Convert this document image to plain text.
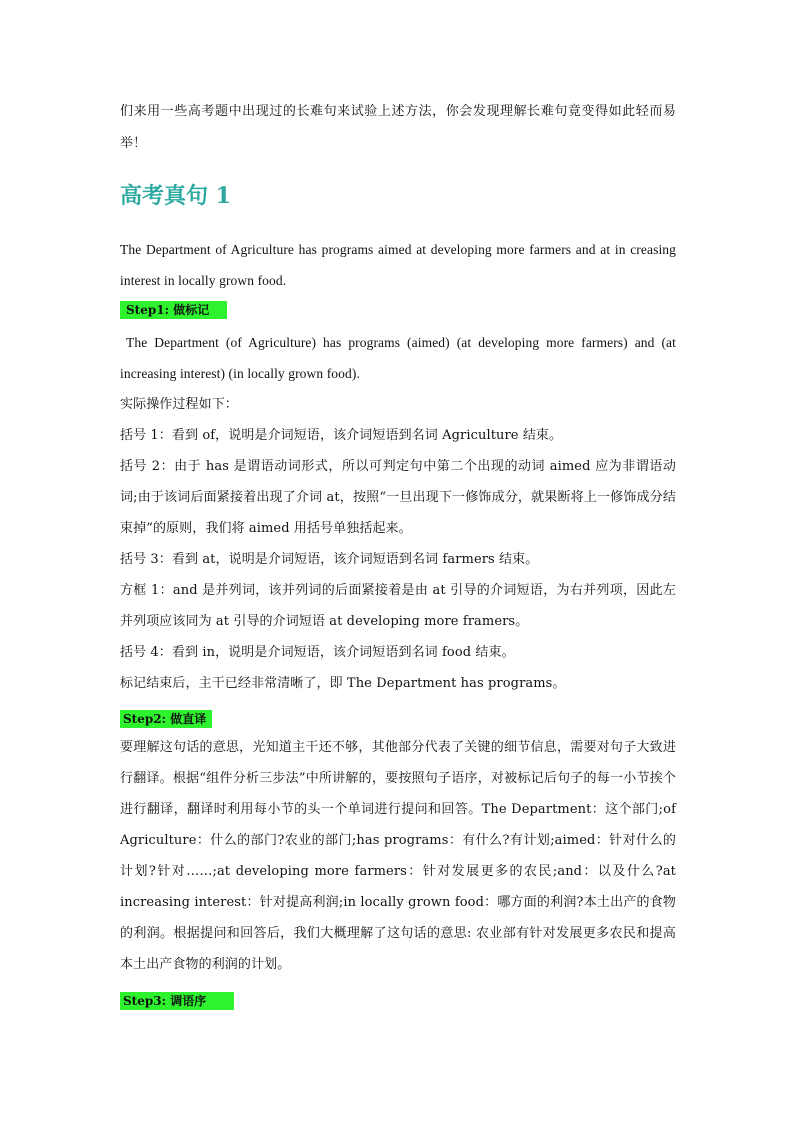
们来用一些高考题中出现过的长难句来试验上述方法，你会发现理解长难句竟变得如此轻而易举！

高考真句 1

The Department of Agriculture has programs aimed at developing more farmers and at in creasing interest in locally grown food.

Step1: 做标记

The Department (of Agriculture) has programs (aimed) (at developing more farmers) and (at increasing interest) (in locally grown food).

实际操作过程如下：

括号 1：看到 of，说明是介词短语，该介词短语到名词 Agriculture 结束。

括号 2：由于 has 是谓语动词形式，所以可判定句中第二个出现的动词 aimed 应为非谓语动词;由于该词后面紧接着出现了介词 at，按照“一旦出现下一修饰成分，就果断将上一修饰成分结束掉”的原则，我们将 aimed 用括号单独括起来。

括号 3：看到 at，说明是介词短语，该介词短语到名词 farmers 结束。

方框 1：and 是并列词，该并列词的后面紧接着是由 at 引导的介词短语，为右并列项，因此左并列项应该同为 at 引导的介词短语 at developing more framers。

括号 4：看到 in，说明是介词短语，该介词短语到名词 food 结束。

标记结束后，主干已经非常清晰了，即 The Department has programs。

Step2: 做直译

要理解这句话的意思，光知道主干还不够，其他部分代表了关键的细节信息，需要对句子大致进行翻译。根据“组件分析三步法”中所讲解的，要按照句子语序，对被标记后句子的每一小节挨个进行翻译，翻译时利用每小节的头一个单词进行提问和回答。The Department：这个部门;of Agriculture：什么的部门?农业的部门;has programs：有什么?有计划;aimed：针对什么的计划?针对……;at developing more farmers：针对发展更多的农民;and：以及什么?at increasing interest：针对提高利润;in locally grown food：哪方面的利润?本土出产的食物的利润。根据提问和回答后，我们大概理解了这句话的意思: 农业部有针对发展更多农民和提高本土出产食物的利润的计划。

Step3: 调语序
